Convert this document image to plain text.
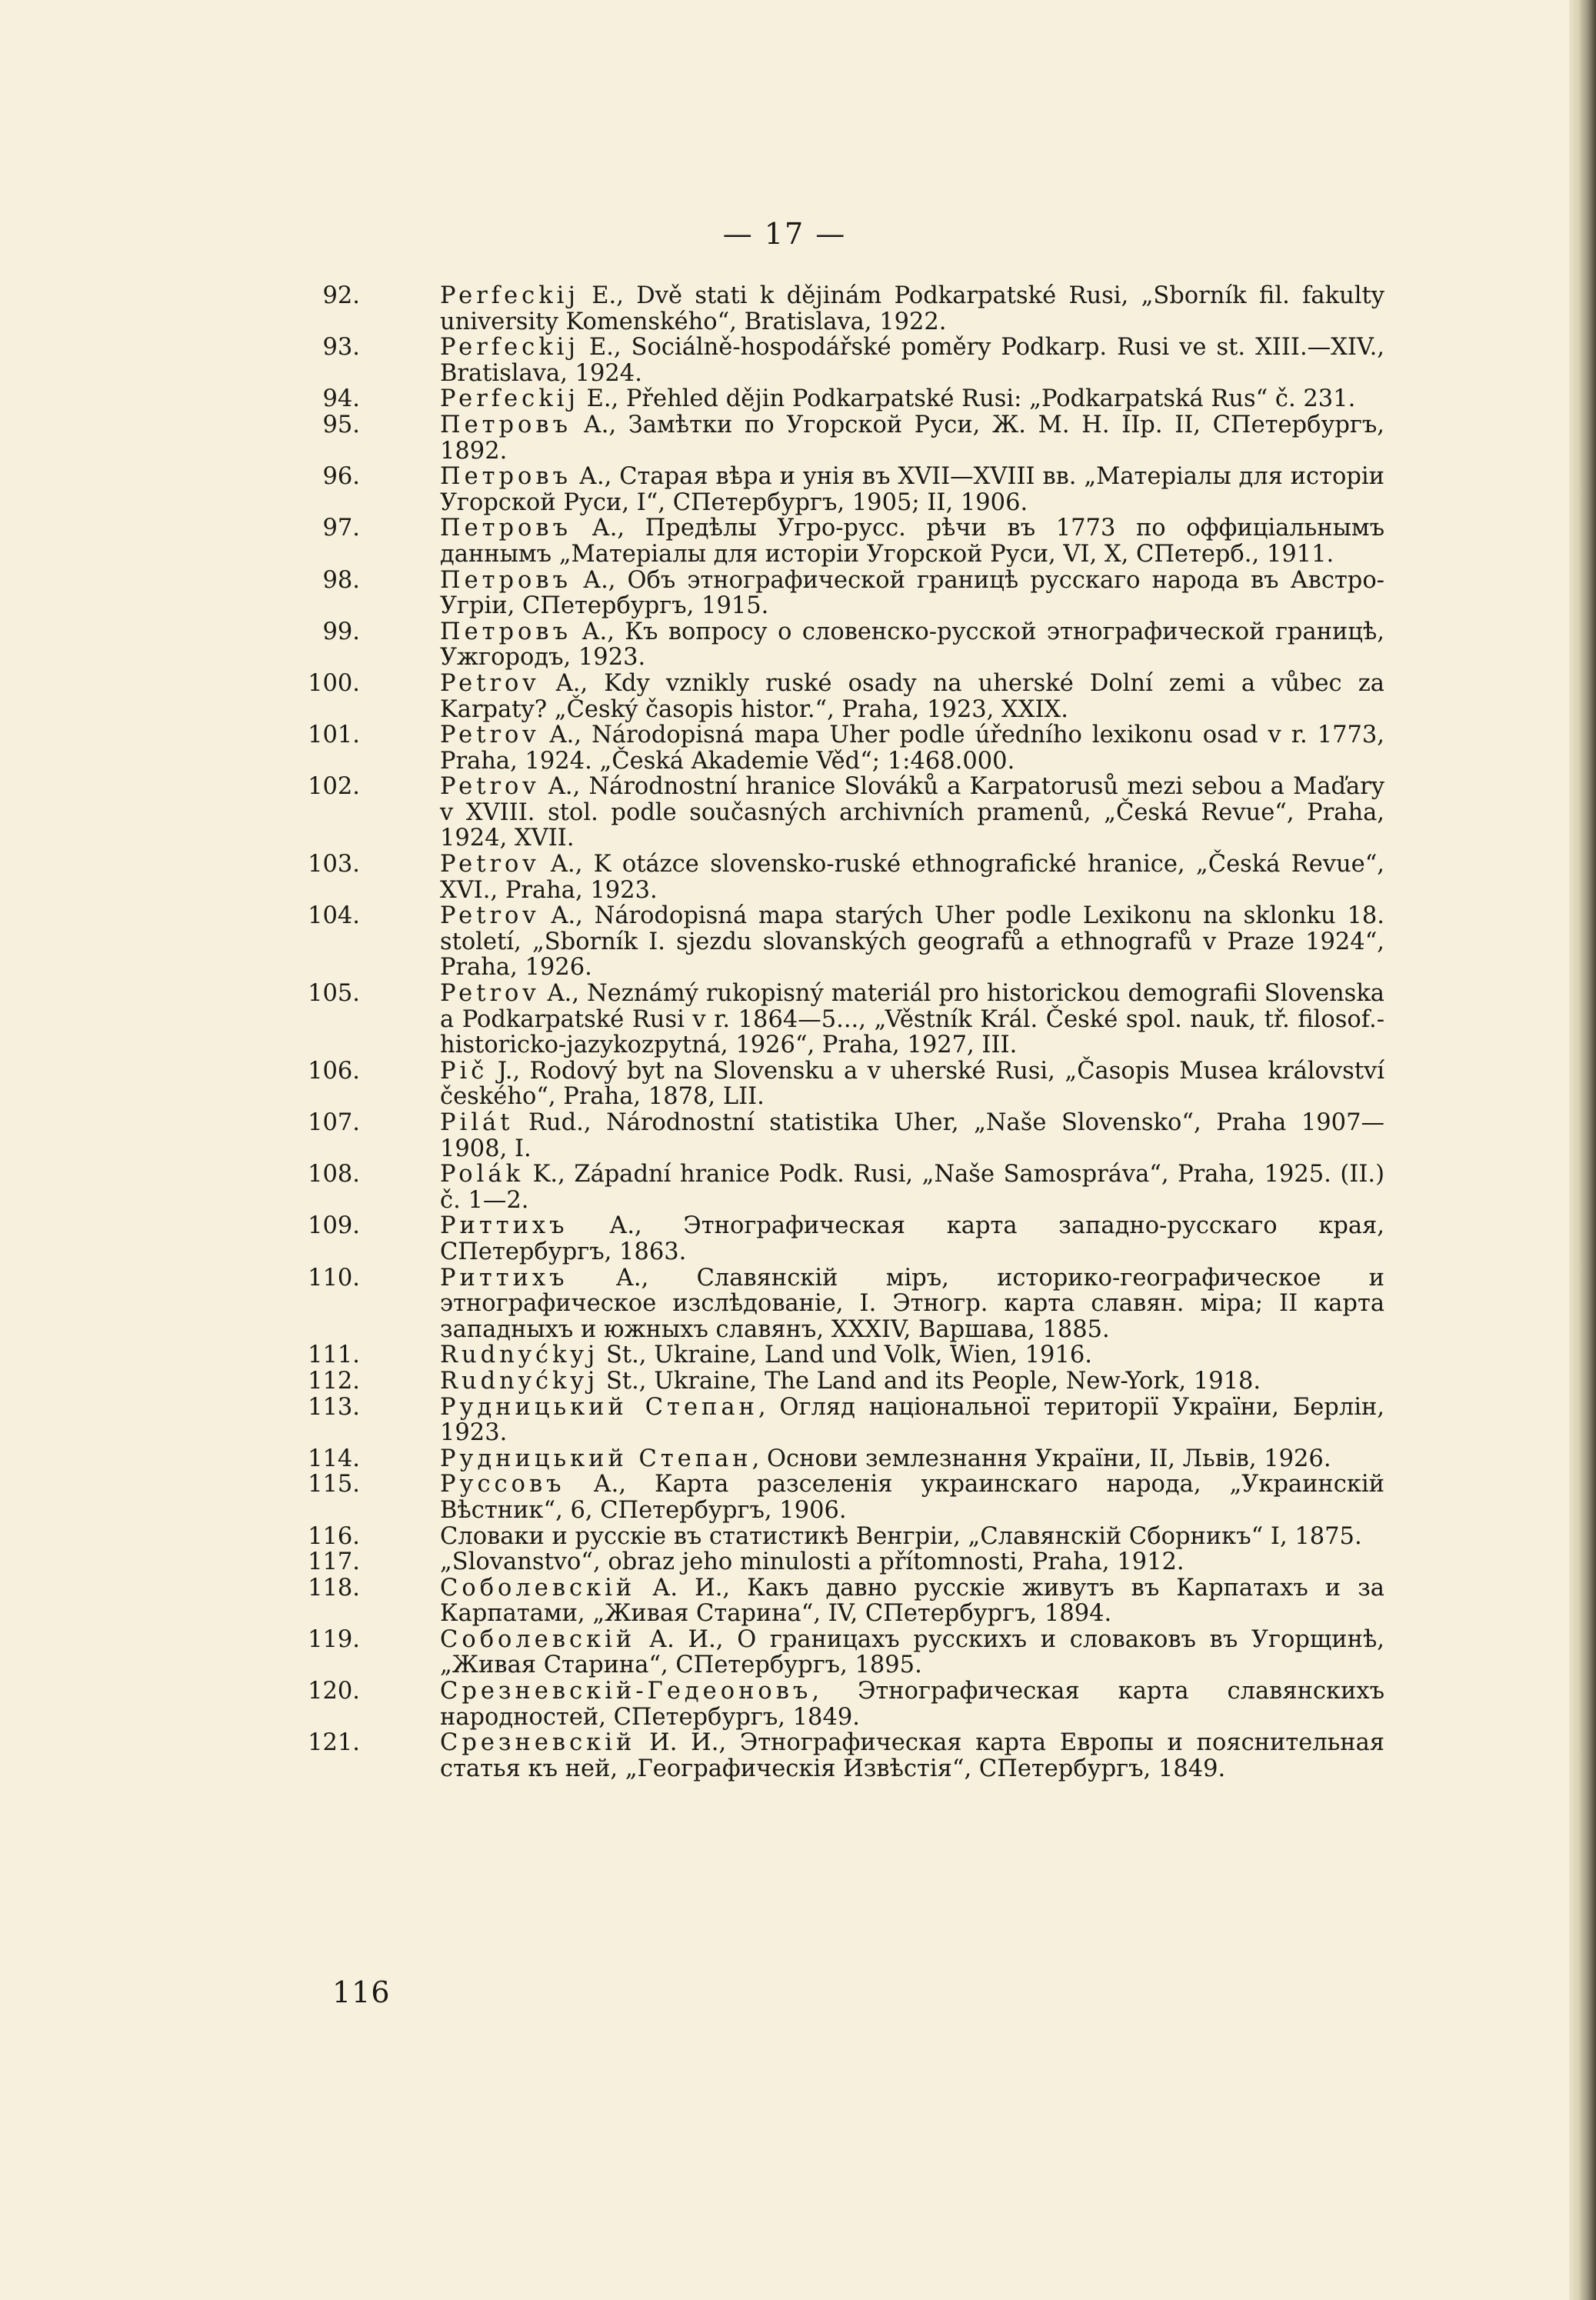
— 17 —
92.	Perfeckij E., Dvě stati k dějinám Podkarpatské Rusi, „Sborník fil. fakulty university Komenského“, Bratislava, 1922.
93.	Perfeckij E., Sociálně-hospodářské poměry Podkarp. Rusi ve st. XIII.—XIV., Bratislava, 1924.
94.	Perfeckij E., Přehled dějin Podkarpatské Rusi: „Podkarpatská Rus“ č. 231.
95.	Петровъ А., Замѣтки по Угорской Руси, Ж. М. Н. IIр. II, СПетербургъ, 1892.
96.	Петровъ А., Старая вѣра и унія въ XVII—XVIII вв. „Матеріалы для исторіи Угорской Руси, I“, СПетербургъ, 1905; II, 1906.
97.	Петровъ А., Предѣлы Угро-русс. рѣчи въ 1773 по оффиціальнымъ даннымъ „Матеріалы для исторіи Угорской Руси, VI, X, СПетерб., 1911.
98.	Петровъ А., Объ этнографической границѣ русскаго народа въ Австро-Угріи, СПетербургъ, 1915.
99.	Петровъ А., Къ вопросу о словенско-русской этнографической границѣ, Ужгородъ, 1923.
100.	Petrov A., Kdy vznikly ruské osady na uherské Dolní zemi a vůbec za Karpaty? „Český časopis histor.“, Praha, 1923, XXIX.
101.	Petrov A., Národopisná mapa Uher podle úředního lexikonu osad v r. 1773, Praha, 1924. „Česká Akademie Věd“; 1:468.000.
102.	Petrov A., Národnostní hranice Slováků a Karpatorusů mezi sebou a Maďary v XVIII. stol. podle současných archivních pramenů, „Česká Revue“, Praha, 1924, XVII.
103.	Petrov A., K otázce slovensko-ruské ethnografické hranice, „Česká Revue“, XVI., Praha, 1923.
104.	Petrov A., Národopisná mapa starých Uher podle Lexikonu na sklonku 18. století, „Sborník I. sjezdu slovanských geografů a ethnografů v Praze 1924“, Praha, 1926.
105.	Petrov A., Neznámý rukopisný materiál pro historickou demografii Slovenska a Podkarpatské Rusi v r. 1864—5..., „Věstník Král. České spol. nauk, tř. filosof.-historicko-jazykozpytná, 1926“, Praha, 1927, III.
106.	Pič J., Rodový byt na Slovensku a v uherské Rusi, „Časopis Musea království českého“, Praha, 1878, LII.
107.	Pilát Rud., Národnostní statistika Uher, „Naše Slovensko“, Praha 1907—1908, I.
108.	Polák K., Západní hranice Podk. Rusi, „Naše Samospráva“, Praha, 1925. (II.) č. 1—2.
109.	Риттихъ А., Этнографическая карта западно-русскаго края, СПетербургъ, 1863.
110.	Риттихъ А., Славянскій міръ, историко-географическое и этнографическое изслѣдованіе, I. Этногр. карта славян. міра; II карта западныхъ и южныхъ славянъ, XXXIV, Варшава, 1885.
111.	Rudnyćkyj St., Ukraine, Land und Volk, Wien, 1916.
112.	Rudnyćkyj St., Ukraine, The Land and its People, New-York, 1918.
113.	Рудницький Степан, Огляд національної території України, Берлін, 1923.
114.	Рудницький Степан, Основи землезнання України, II, Львів, 1926.
115.	Руссовъ А., Карта разселенія украинскаго народа, „Украинскій Вѣстник“, 6, СПетербургъ, 1906.
116.	Словаки и русскіе въ статистикѣ Венгріи, „Славянскій Сборникъ“ I, 1875.
117.	„Slovanstvo“, obraz jeho minulosti a přítomnosti, Praha, 1912.
118.	Соболевскій А. И., Какъ давно русскіе живутъ въ Карпатахъ и за Карпатами, „Живая Старина“, IV, СПетербургъ, 1894.
119.	Соболевскій А. И., О границахъ русскихъ и словаковъ въ Угорщинѣ, „Живая Старина“, СПетербургъ, 1895.
120.	Срезневскій-Гедеоновъ, Этнографическая карта славянскихъ народностей, СПетербургъ, 1849.
121.	Срезневскій И. И., Этнографическая карта Европы и пояснительная статья къ ней, „Географическія Извѣстія“, СПетербургъ, 1849.
116
